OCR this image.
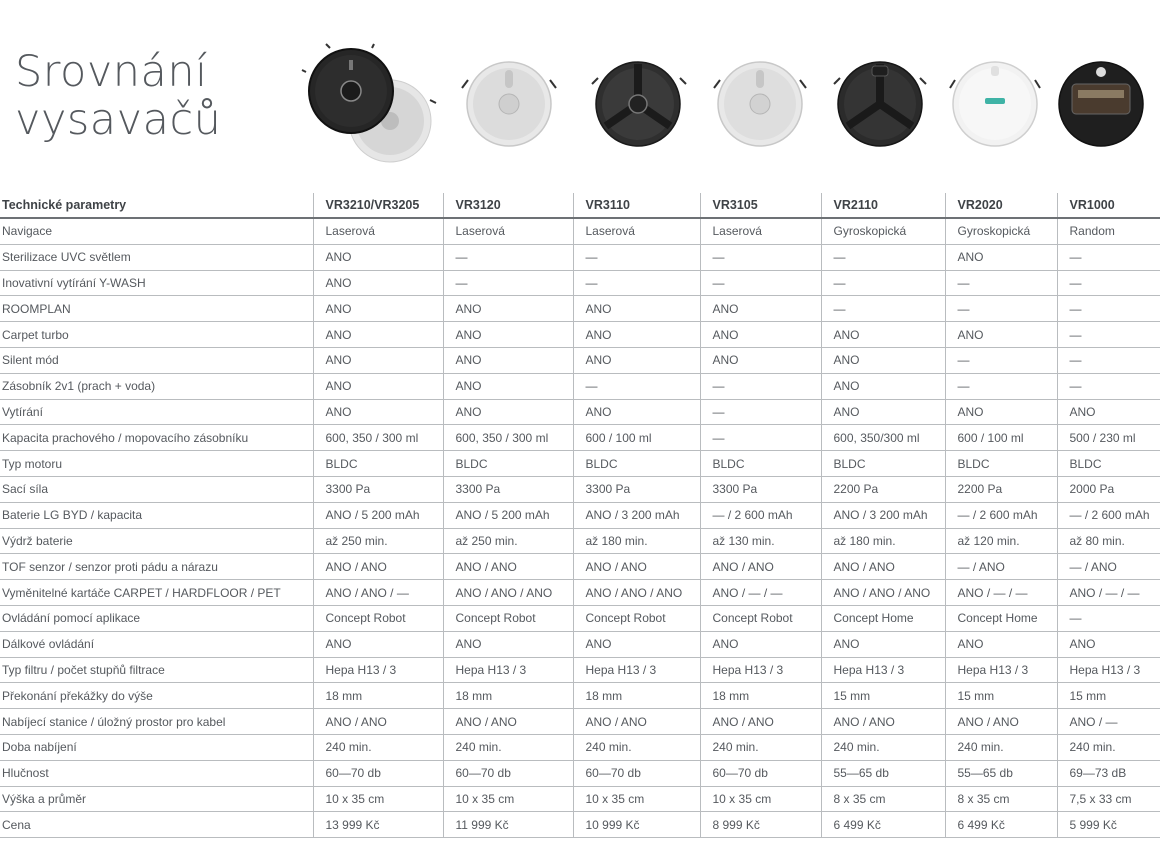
Srovnání
vysavačů
Technické parametry	VR3210/VR3205	VR3120	VR3110	VR3105	VR2110	VR2020	VR1000
Navigace	Laserová	Laserová	Laserová	Laserová	Gyroskopická	Gyroskopická	Random
Sterilizace UVC světlem	ANO	—	—	—	—	ANO	—
Inovativní vytírání Y-WASH	ANO	—	—	—	—	—	—
ROOMPLAN	ANO	ANO	ANO	ANO	—	—	—
Carpet turbo	ANO	ANO	ANO	ANO	ANO	ANO	—
Silent mód	ANO	ANO	ANO	ANO	ANO	—	—
Zásobník 2v1 (prach + voda)	ANO	ANO	—	—	ANO	—	—
Vytírání	ANO	ANO	ANO	—	ANO	ANO	ANO
Kapacita prachového / mopovacího zásobníku	600, 350 / 300 ml	600, 350 / 300 ml	600 / 100 ml	—	600, 350/300 ml	600 / 100 ml	500 / 230 ml
Typ motoru	BLDC	BLDC	BLDC	BLDC	BLDC	BLDC	BLDC
Sací síla	3300 Pa	3300 Pa	3300 Pa	3300 Pa	2200 Pa	2200 Pa	2000 Pa
Baterie LG BYD / kapacita	ANO / 5 200 mAh	ANO / 5 200 mAh	ANO / 3 200 mAh	— / 2 600 mAh	ANO / 3 200 mAh	— / 2 600 mAh	— / 2 600 mAh
Výdrž baterie	až 250 min.	až 250 min.	až 180 min.	až 130 min.	až 180 min.	až 120 min.	až 80 min.
TOF senzor / senzor proti pádu a nárazu	ANO / ANO	ANO / ANO	ANO / ANO	ANO / ANO	ANO / ANO	— / ANO	— / ANO
Vyměnitelné kartáče CARPET / HARDFLOOR / PET	ANO / ANO / —	ANO / ANO / ANO	ANO / ANO / ANO	ANO / — / —	ANO / ANO / ANO	ANO / — / —	ANO / — / —
Ovládání pomocí aplikace	Concept Robot	Concept Robot	Concept Robot	Concept Robot	Concept Home	Concept Home	—
Dálkové ovládání	ANO	ANO	ANO	ANO	ANO	ANO	ANO
Typ filtru / počet stupňů filtrace	Hepa H13 / 3	Hepa H13 / 3	Hepa H13 / 3	Hepa H13 / 3	Hepa H13 / 3	Hepa H13 / 3	Hepa H13 / 3
Překonání překážky do výše	18 mm	18 mm	18 mm	18 mm	15 mm	15 mm	15 mm
Nabíjecí stanice / úložný prostor pro kabel	ANO / ANO	ANO / ANO	ANO / ANO	ANO / ANO	ANO / ANO	ANO / ANO	ANO / —
Doba nabíjení	240 min.	240 min.	240 min.	240 min.	240 min.	240 min.	240 min.
Hlučnost	60—70 db	60—70 db	60—70 db	60—70 db	55—65 db	55—65 db	69—73 dB
Výška a průměr	10 x 35 cm	10 x 35 cm	10 x 35 cm	10 x 35 cm	8 x 35 cm	8 x 35 cm	7,5 x 33 cm
Cena	13 999 Kč	11 999 Kč	10 999 Kč	8 999 Kč	6 499 Kč	6 499 Kč	5 999 Kč
